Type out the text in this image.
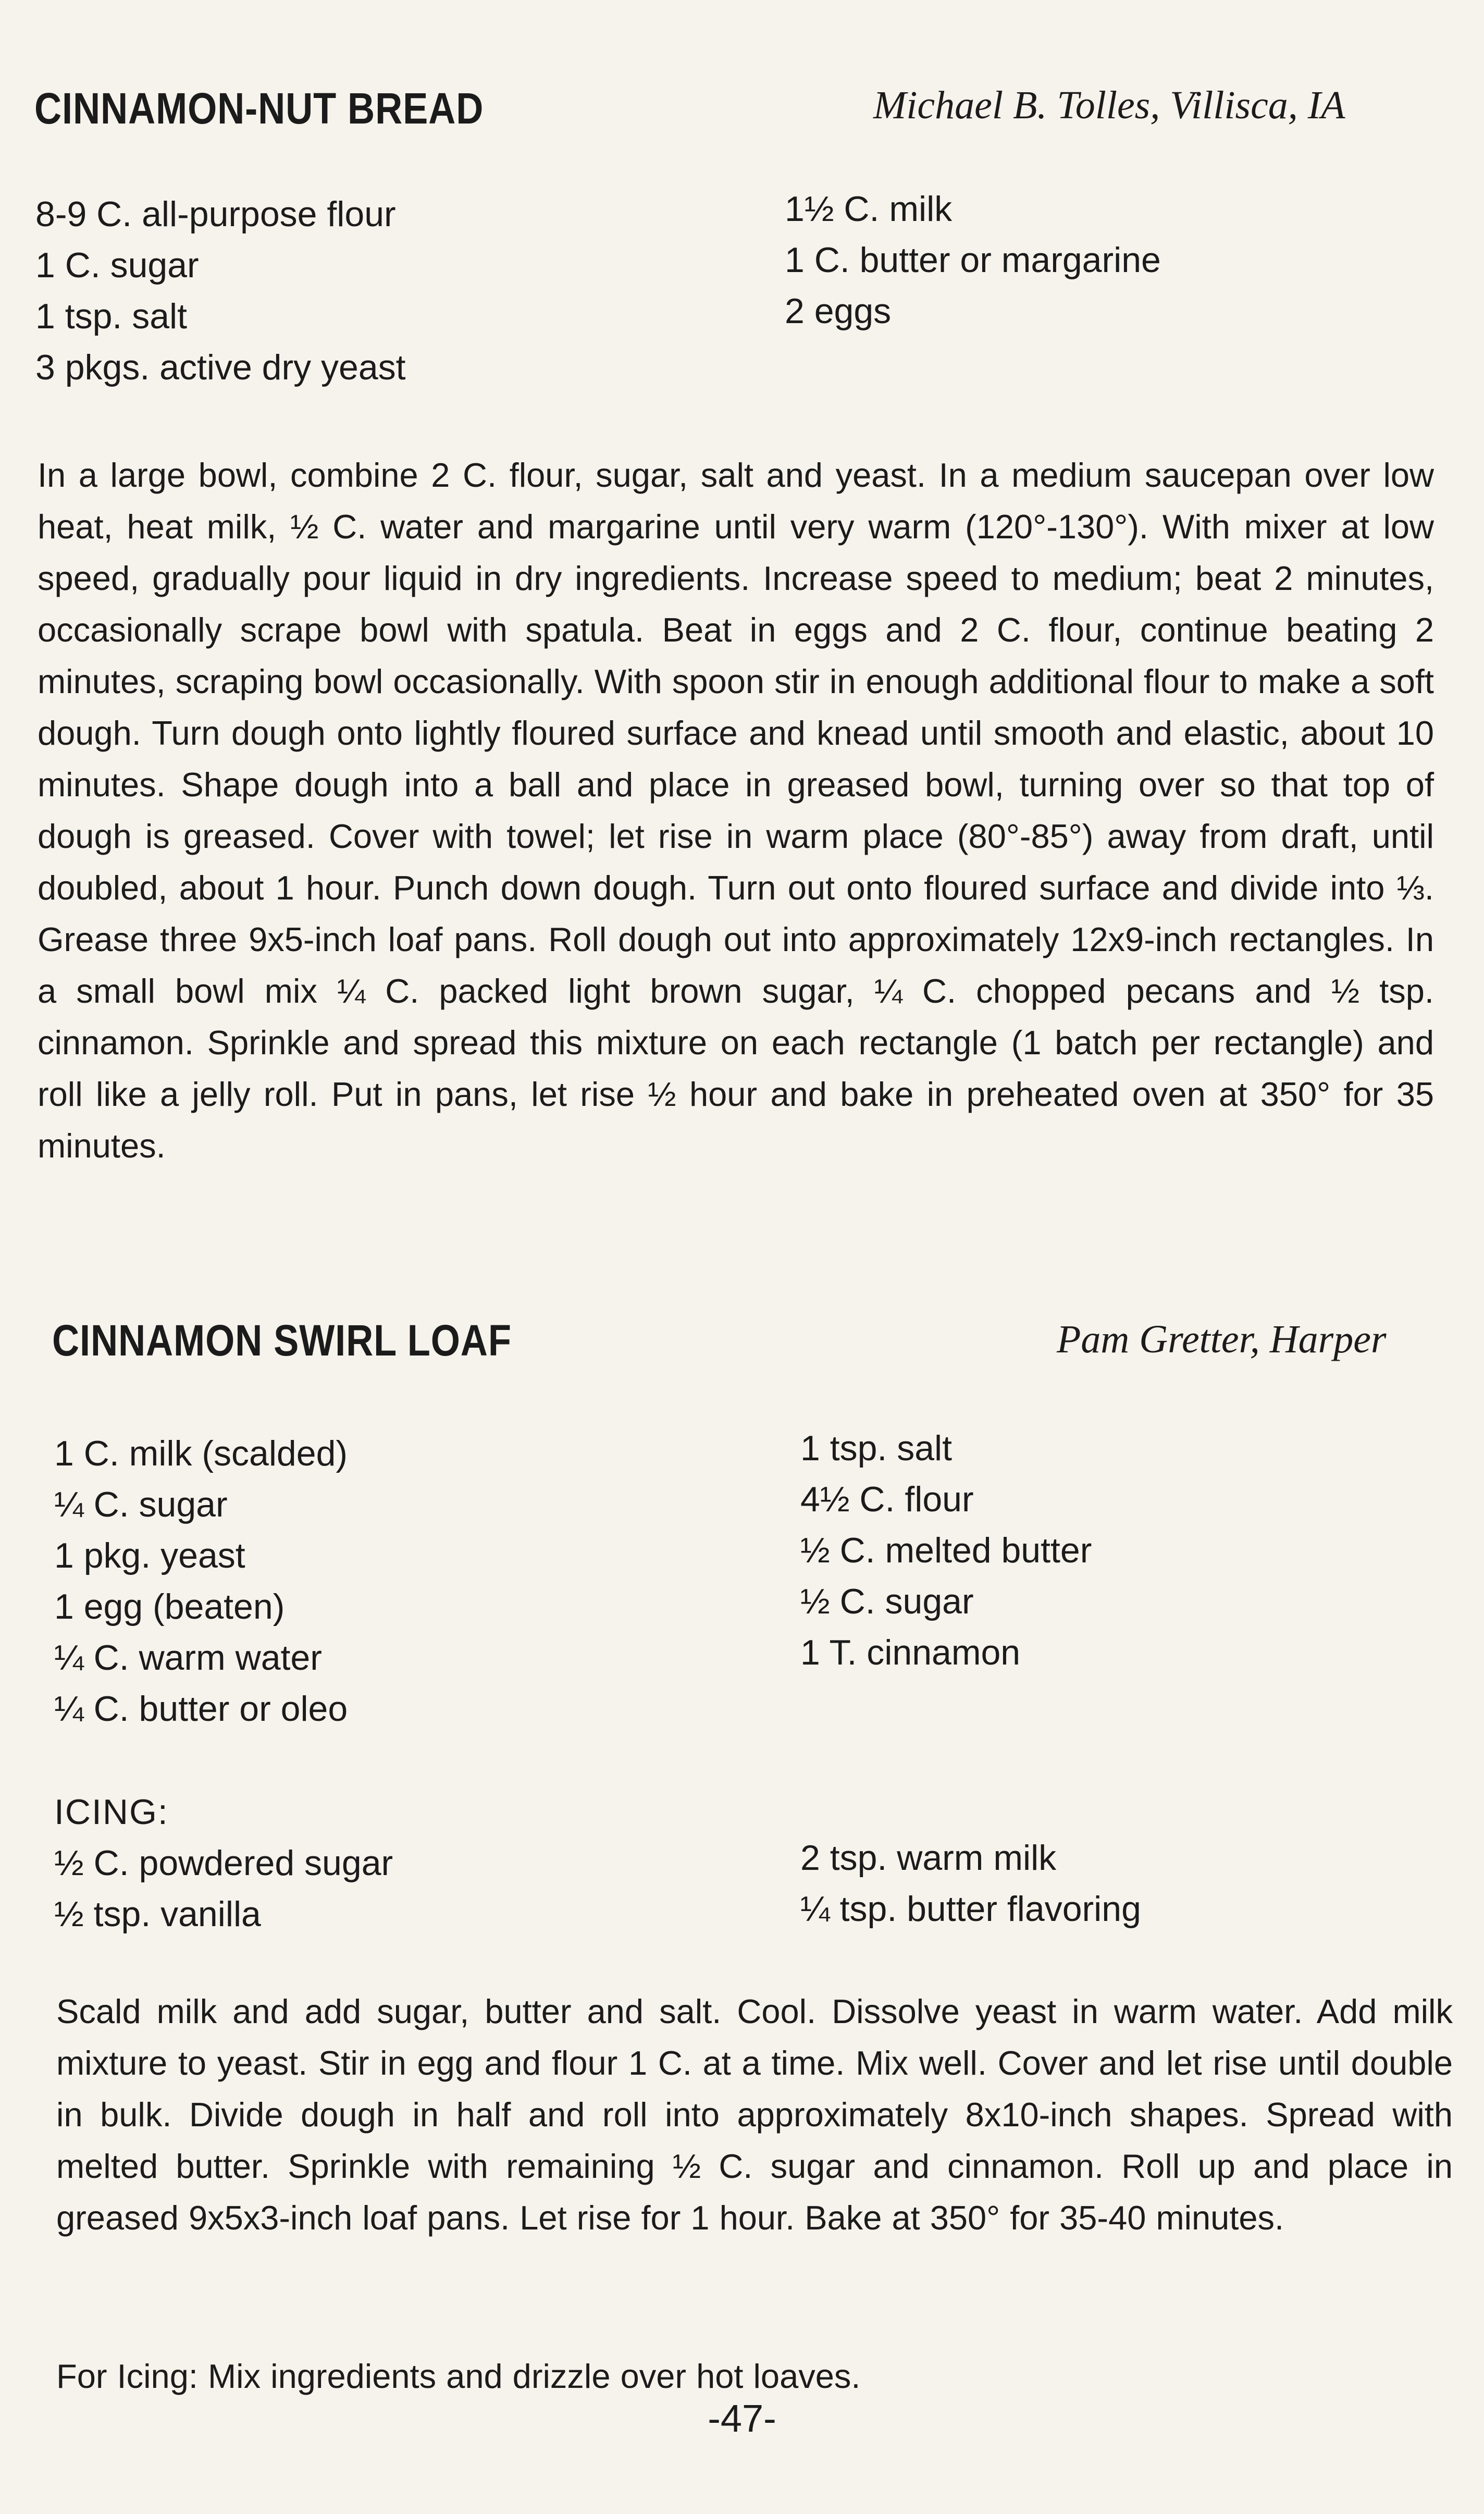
CINNAMON-NUT BREAD	Michael B. Tolles, Villisca, IA
8-9 C. all-purpose flour
1 C. sugar
1 tsp. salt
3 pkgs. active dry yeast
1½ C. milk
1 C. butter or margarine
2 eggs

In a large bowl, combine 2 C. flour, sugar, salt and yeast. In a medium saucepan over low heat, heat milk, ½ C. water and margarine until very warm (120°-130°). With mixer at low speed, gradually pour liquid in dry ingredients. Increase speed to medium; beat 2 minutes, occasionally scrape bowl with spatula. Beat in eggs and 2 C. flour, continue beating 2 minutes, scraping bowl occasionally. With spoon stir in enough additional flour to make a soft dough. Turn dough onto lightly floured surface and knead until smooth and elastic, about 10 minutes. Shape dough into a ball and place in greased bowl, turning over so that top of dough is greased. Cover with towel; let rise in warm place (80°-85°) away from draft, until doubled, about 1 hour. Punch down dough. Turn out onto floured surface and divide into ⅓. Grease three 9x5-inch loaf pans. Roll dough out into approximately 12x9-inch rectangles. In a small bowl mix ¼ C. packed light brown sugar, ¼ C. chopped pecans and ½ tsp. cinnamon. Sprinkle and spread this mixture on each rectangle (1 batch per rectangle) and roll like a jelly roll. Put in pans, let rise ½ hour and bake in preheated oven at 350° for 35 minutes.

CINNAMON SWIRL LOAF	Pam Gretter, Harper
1 C. milk (scalded)
¼ C. sugar
1 pkg. yeast
1 egg (beaten)
¼ C. warm water
¼ C. butter or oleo
1 tsp. salt
4½ C. flour
½ C. melted butter
½ C. sugar
1 T. cinnamon
ICING:
½ C. powdered sugar
½ tsp. vanilla
2 tsp. warm milk
¼ tsp. butter flavoring

Scald milk and add sugar, butter and salt. Cool. Dissolve yeast in warm water. Add milk mixture to yeast. Stir in egg and flour 1 C. at a time. Mix well. Cover and let rise until double in bulk. Divide dough in half and roll into approximately 8x10-inch shapes. Spread with melted butter. Sprinkle with remaining ½ C. sugar and cinnamon. Roll up and place in greased 9x5x3-inch loaf pans. Let rise for 1 hour. Bake at 350° for 35-40 minutes.

For Icing: Mix ingredients and drizzle over hot loaves.

-47-
